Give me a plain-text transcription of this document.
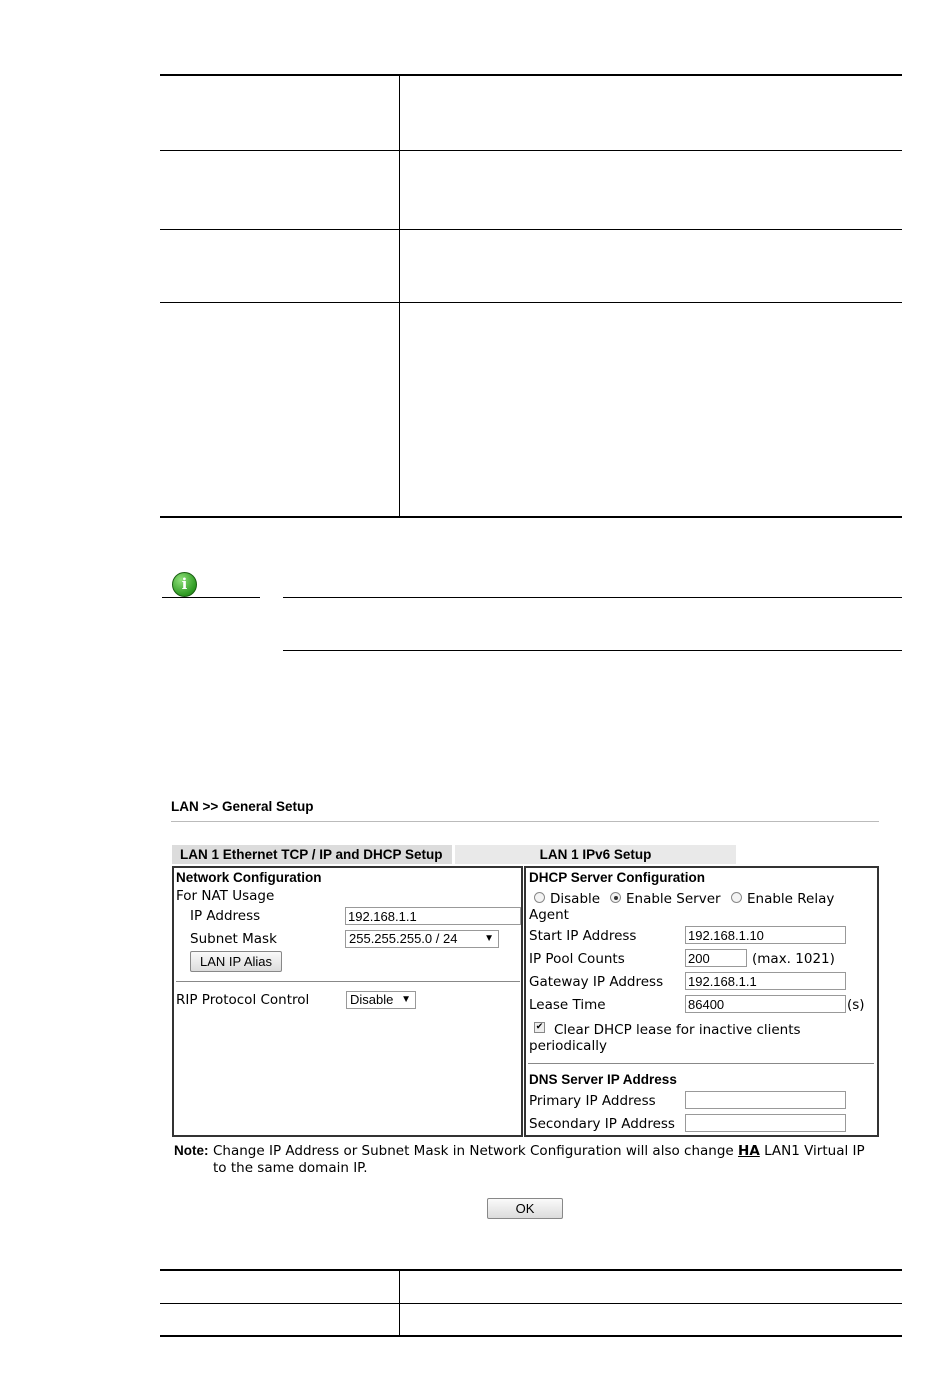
i
LAN >> General Setup
LAN 1 Ethernet TCP / IP and DHCP Setup	LAN 1 IPv6 Setup
Network Configuration
For NAT Usage
IP Address	192.168.1.1
Subnet Mask	255.255.255.0 / 24	▼
LAN IP Alias
RIP Protocol Control	Disable ▼
DHCP Server Configuration
Disable Enable Server Enable Relay
Agent
Start IP Address	192.168.1.10
IP Pool Counts	200	(max. 1021)
Gateway IP Address 192.168.1.1
Lease Time	86400	(s)
✔ Clear DHCP lease for inactive clients
periodically
DNS Server IP Address
Primary IP Address
Secondary IP Address
Note: Change IP Address or Subnet Mask in Network Configuration will also change HA LAN1 Virtual IP
to the same domain IP.
OK
